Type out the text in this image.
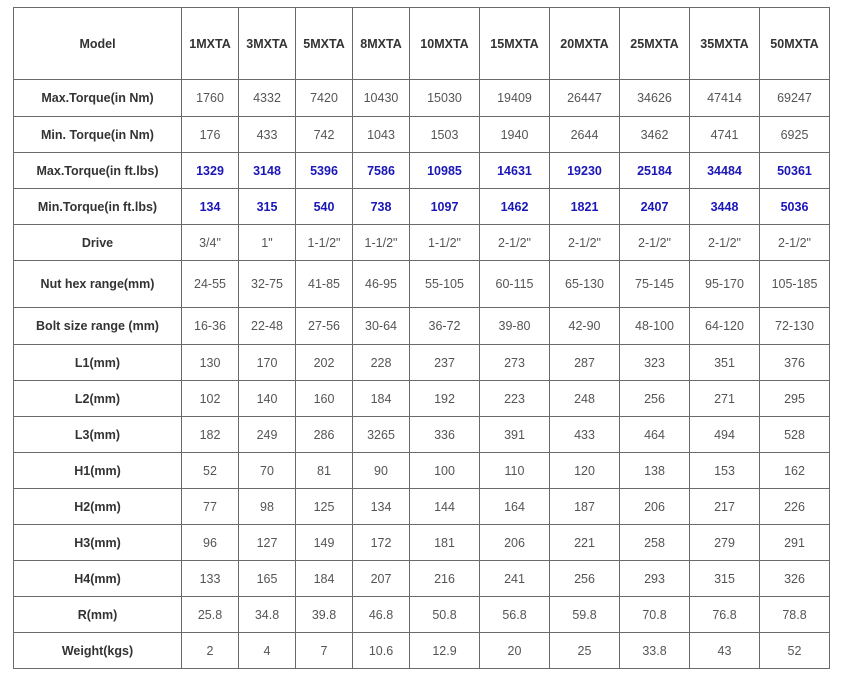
Model	1MXTA	3MXTA	5MXTA	8MXTA	10MXTA	15MXTA	20MXTA	25MXTA	35MXTA	50MXTA
Max.Torque(in Nm)	1760	4332	7420	10430	15030	19409	26447	34626	47414	69247
Min. Torque(in Nm)	176	433	742	1043	1503	1940	2644	3462	4741	6925
Max.Torque(in ft.lbs)	1329	3148	5396	7586	10985	14631	19230	25184	34484	50361
Min.Torque(in ft.lbs)	134	315	540	738	1097	1462	1821	2407	3448	5036
Drive	3/4"	1"	1-1/2"	1-1/2"	1-1/2"	2-1/2"	2-1/2"	2-1/2"	2-1/2"	2-1/2"
Nut hex range(mm)	24-55	32-75	41-85	46-95	55-105	60-115	65-130	75-145	95-170	105-185
Bolt size range (mm)	16-36	22-48	27-56	30-64	36-72	39-80	42-90	48-100	64-120	72-130
L1(mm)	130	170	202	228	237	273	287	323	351	376
L2(mm)	102	140	160	184	192	223	248	256	271	295
L3(mm)	182	249	286	3265	336	391	433	464	494	528
H1(mm)	52	70	81	90	100	110	120	138	153	162
H2(mm)	77	98	125	134	144	164	187	206	217	226
H3(mm)	96	127	149	172	181	206	221	258	279	291
H4(mm)	133	165	184	207	216	241	256	293	315	326
R(mm)	25.8	34.8	39.8	46.8	50.8	56.8	59.8	70.8	76.8	78.8
Weight(kgs)	2	4	7	10.6	12.9	20	25	33.8	43	52
